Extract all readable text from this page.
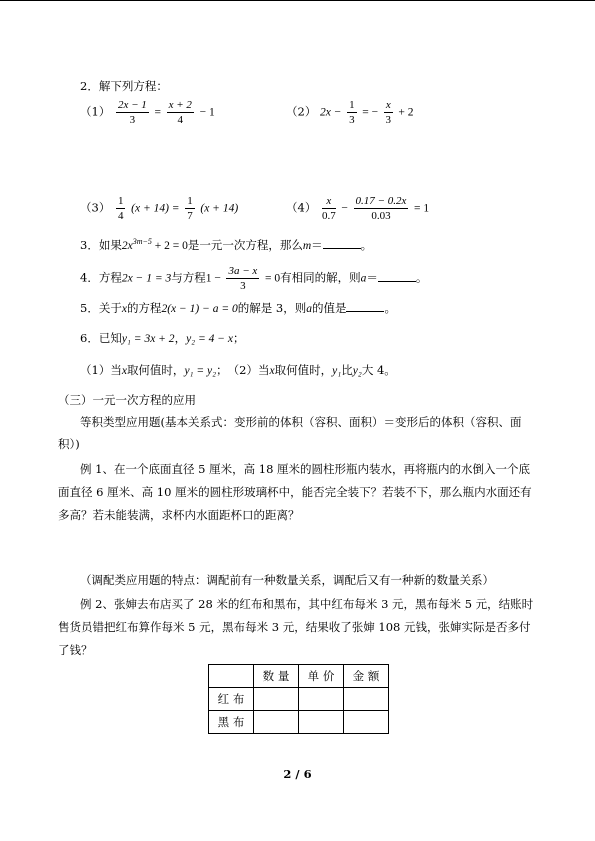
2．解下列方程：
$(1) \frac{2x - 1}{3} = \frac{x + 2}{4} - 1$	（2） $2x - \frac{1}{3}$ = − $\frac{x}{3} + 2$
$(3) \frac{1}{4} (x + 14) = \frac{1}{7} (x + 14)$	$(4) \frac{x}{0.7} - \frac{0.17 - 0.2x}{0.03} = 1$
3．如果$2x^{3m-5} + 2 = 0$是一元一次方程，那么m＝	。
4．方程2x − 1 = 3与方程$1 - \frac{3a - x}{3} = 0$有相同的解，则a＝	。
5．关于x的方程2(x − 1) − a = 0的解是 3，则a的值是	。
6．已知y₁ = 3x + 2，y₂ = 4 − x；
（1）当x取何值时，y₁ = y₂；　（2）当x取何值时，y₁比y₂大 4。
（三）一元一次方程的应用
等积类型应用题(基本关系式：变形前的体积（容积、面积）＝变形后的体积（容积、面
积）)
例 1、在一个底面直径 5 厘米，高 18 厘米的圆柱形瓶内装水，再将瓶内的水倒入一个底
面直径 6 厘米、高 10 厘米的圆柱形玻璃杯中，能否完全装下？若装不下，那么瓶内水面还有
多高？若未能装满，求杯内水面距杯口的距离？
（调配类应用题的特点：调配前有一种数量关系，调配后又有一种新的数量关系）
例 2、张婶去布店买了 28 米的红布和黑布，其中红布每米 3 元，黑布每米 5 元，结账时
售货员错把红布算作每米 5 元，黑布每米 3 元，结果收了张婶 108 元钱，张婶实际是否多付
了钱？
	数 量	单 价	金 额
红 布			
黑 布			
2 / 6
